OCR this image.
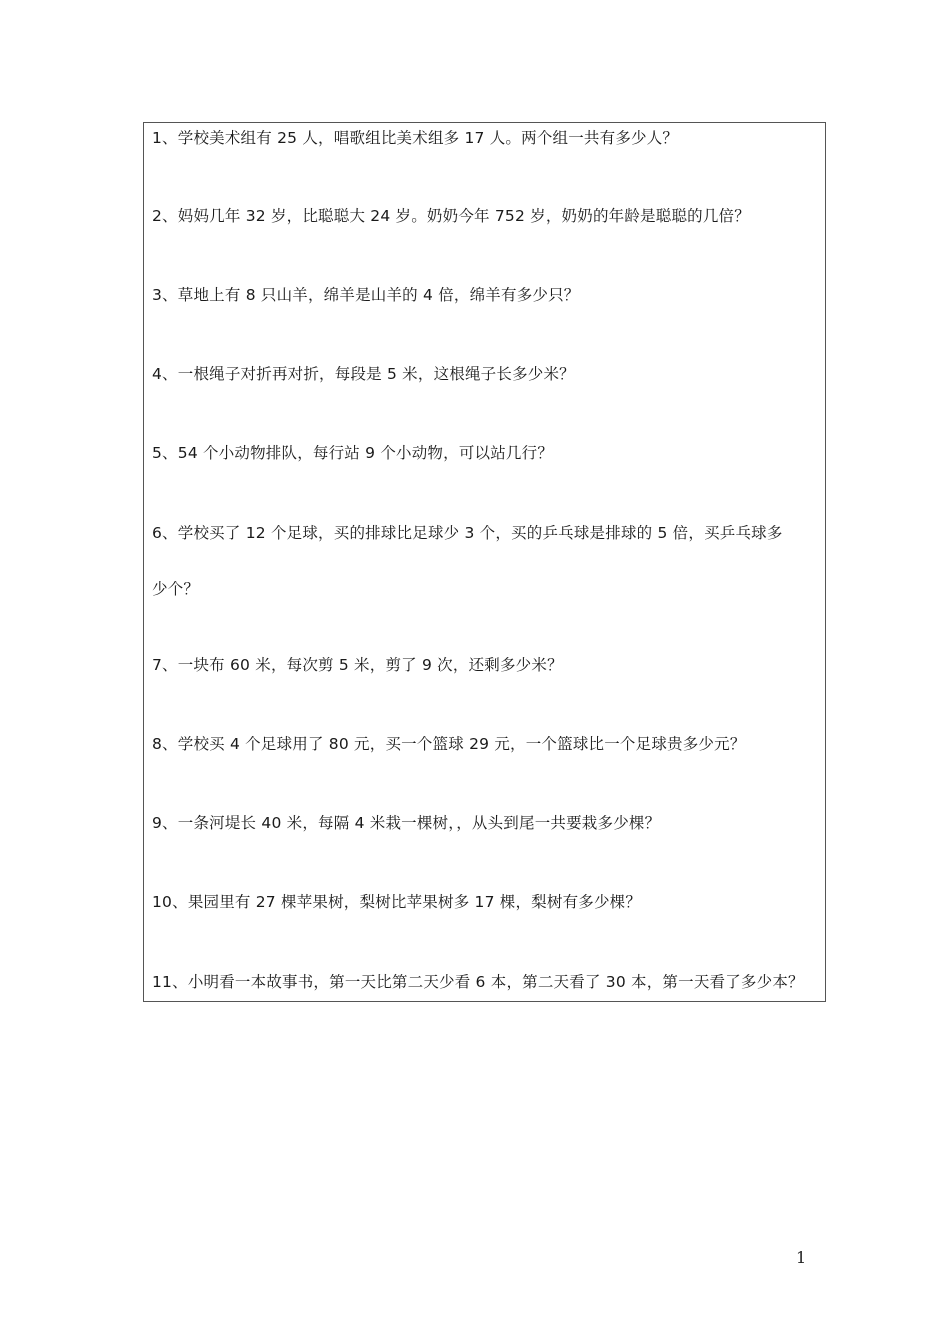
1、学校美术组有 25 人，唱歌组比美术组多 17 人。两个组一共有多少人？
2、妈妈几年 32 岁，比聪聪大 24 岁。奶奶今年 752 岁，奶奶的年龄是聪聪的几倍？
3、草地上有 8 只山羊，绵羊是山羊的 4 倍，绵羊有多少只？
4、一根绳子对折再对折，每段是 5 米，这根绳子长多少米？
5、54 个小动物排队，每行站 9 个小动物，可以站几行？
6、学校买了 12 个足球，买的排球比足球少 3 个，买的乒乓球是排球的 5 倍，买乒乓球多
少个？
7、一块布 60 米，每次剪 5 米，剪了 9 次，还剩多少米？
8、学校买 4 个足球用了 80 元，买一个篮球 29 元，一个篮球比一个足球贵多少元？
9、一条河堤长 40 米，每隔 4 米栽一棵树，，从头到尾一共要栽多少棵？
10、果园里有 27 棵苹果树，梨树比苹果树多 17 棵，梨树有多少棵？
11、小明看一本故事书，第一天比第二天少看 6 本，第二天看了 30 本，第一天看了多少本？
1
